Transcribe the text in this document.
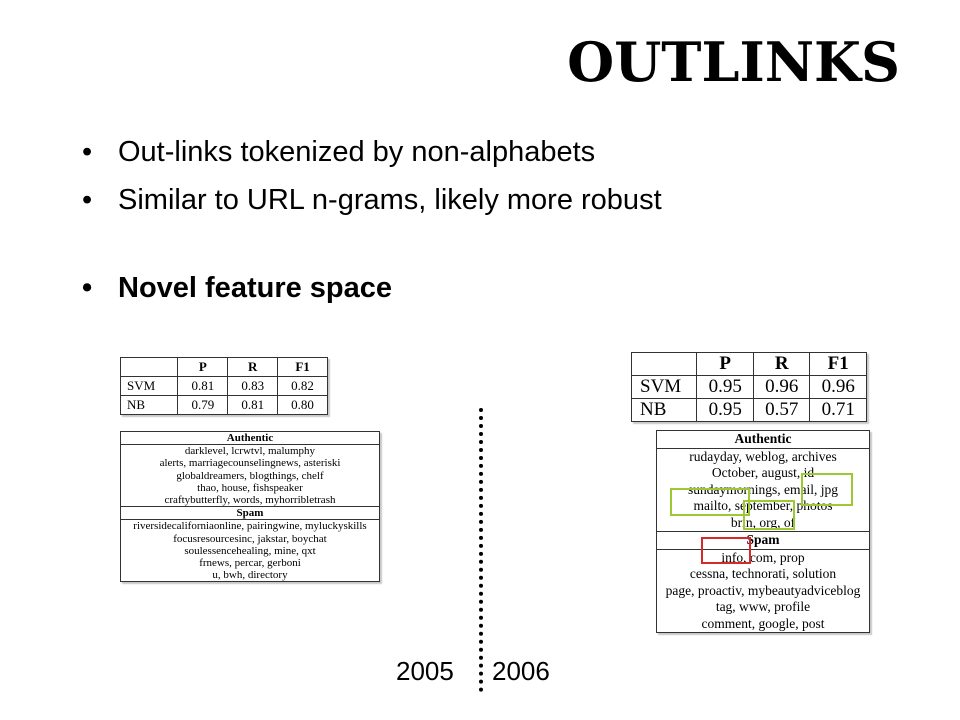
OUTLINKS
• Out-links tokenized by non-alphabets
• Similar to URL n-grams, likely more robust
• Novel feature space
	P	R	F1
SVM	0.81	0.83	0.82
NB	0.79	0.81	0.80
Authentic
darklevel, lcrwtvl, malumphy
alerts, marriagecounselingnews, asteriski
globaldreamers, blogthings, chelf
thao, house, fishspeaker
craftybutterfly, words, myhorribletrash
Spam
riversidecaliforniaonline, pairingwine, myluckyskills
focusresourcesinc, jakstar, boychat
soulessencehealing, mine, qxt
frnews, percar, gerboni
u, bwh, directory
	P	R	F1
SVM	0.95	0.96	0.96
NB	0.95	0.57	0.71
Authentic
rudayday, weblog, archives
October, august, id
sundaymornings, email, jpg
mailto, september, photos
brin, org, of
Spam
info, com, prop
cessna, technorati, solution
page, proactiv, mybeautyadviceblog
tag, www, profile
comment, google, post
2005 2006
